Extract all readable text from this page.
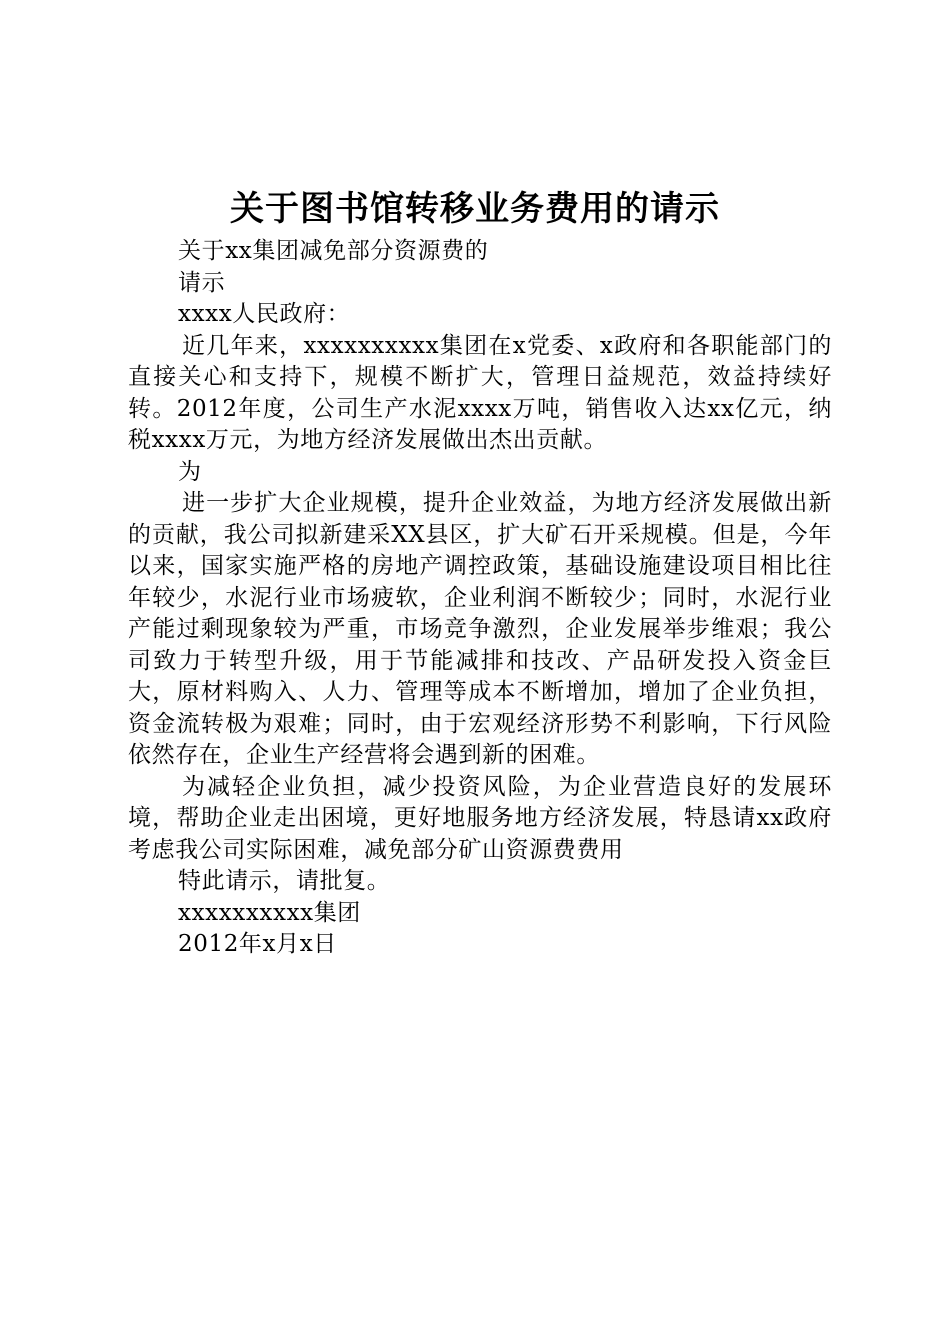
关于图书馆转移业务费用的请示

关于xx集团减免部分资源费的

请示

xxxx人民政府：

近几年来，xxxxxxxxxx集团在x党委、x政府和各职能部门的直接关心和支持下，规模不断扩大，管理日益规范，效益持续好转。2012年度，公司生产水泥xxxx万吨，销售收入达xx亿元，纳税xxxx万元，为地方经济发展做出杰出贡献。

为

进一步扩大企业规模，提升企业效益，为地方经济发展做出新的贡献，我公司拟新建采XX县区，扩大矿石开采规模。但是，今年以来，国家实施严格的房地产调控政策，基础设施建设项目相比往年较少，水泥行业市场疲软，企业利润不断较少；同时，水泥行业产能过剩现象较为严重，市场竞争激烈，企业发展举步维艰；我公司致力于转型升级，用于节能减排和技改、产品研发投入资金巨大，原材料购入、人力、管理等成本不断增加，增加了企业负担，资金流转极为艰难；同时，由于宏观经济形势不利影响，下行风险依然存在，企业生产经营将会遇到新的困难。

为减轻企业负担，减少投资风险，为企业营造良好的发展环境，帮助企业走出困境，更好地服务地方经济发展，特恳请xx政府考虑我公司实际困难，减免部分矿山资源费费用

特此请示，请批复。

xxxxxxxxxx集团

2012年x月x日
